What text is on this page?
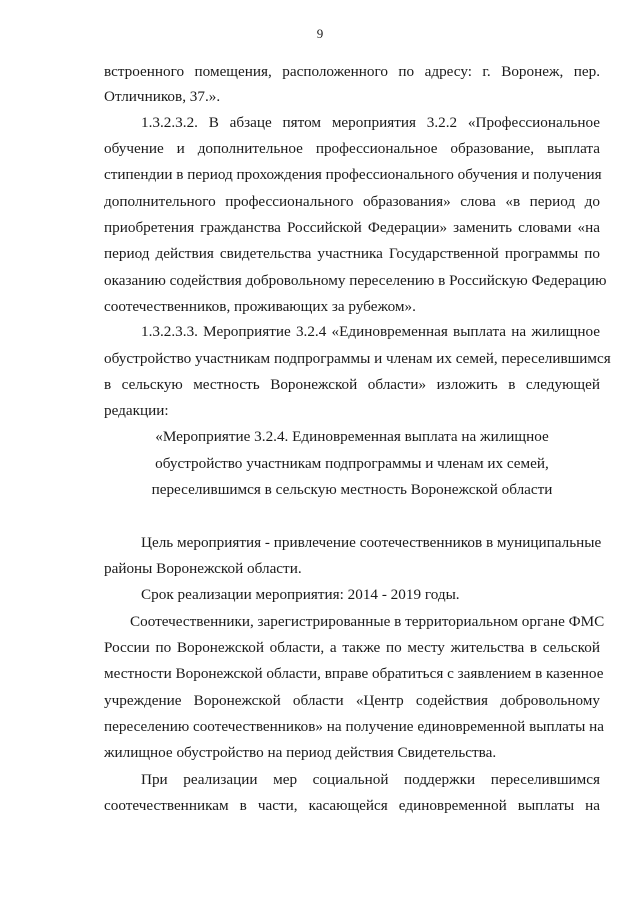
9
встроенного помещения, расположенного по адресу: г. Воронеж, пер.
Отличников, 37.».
1.3.2.3.2. В абзаце пятом мероприятия 3.2.2 «Профессиональное
обучение и дополнительное профессиональное образование, выплата
стипендии в период прохождения профессионального обучения и получения
дополнительного профессионального образования» слова «в период до
приобретения гражданства Российской Федерации» заменить словами «на
период действия свидетельства участника Государственной программы по
оказанию содействия добровольному переселению в Российскую Федерацию
соотечественников, проживающих за рубежом».
1.3.2.3.3. Мероприятие 3.2.4 «Единовременная выплата на жилищное
обустройство участникам подпрограммы и членам их семей, переселившимся
в сельскую местность Воронежской области» изложить в следующей
редакции:
«Мероприятие 3.2.4. Единовременная выплата на жилищное
обустройство участникам подпрограммы и членам их семей,
переселившимся в сельскую местность Воронежской области
Цель мероприятия - привлечение соотечественников в муниципальные
районы Воронежской области.
Срок реализации мероприятия: 2014 - 2019 годы.
Соотечественники, зарегистрированные в территориальном органе ФМС
России по Воронежской области, а также по месту жительства в сельской
местности Воронежской области, вправе обратиться с заявлением в казенное
учреждение Воронежской области «Центр содействия добровольному
переселению соотечественников» на получение единовременной выплаты на
жилищное обустройство на период действия Свидетельства.
При реализации мер социальной поддержки переселившимся
соотечественникам в части, касающейся единовременной выплаты на
